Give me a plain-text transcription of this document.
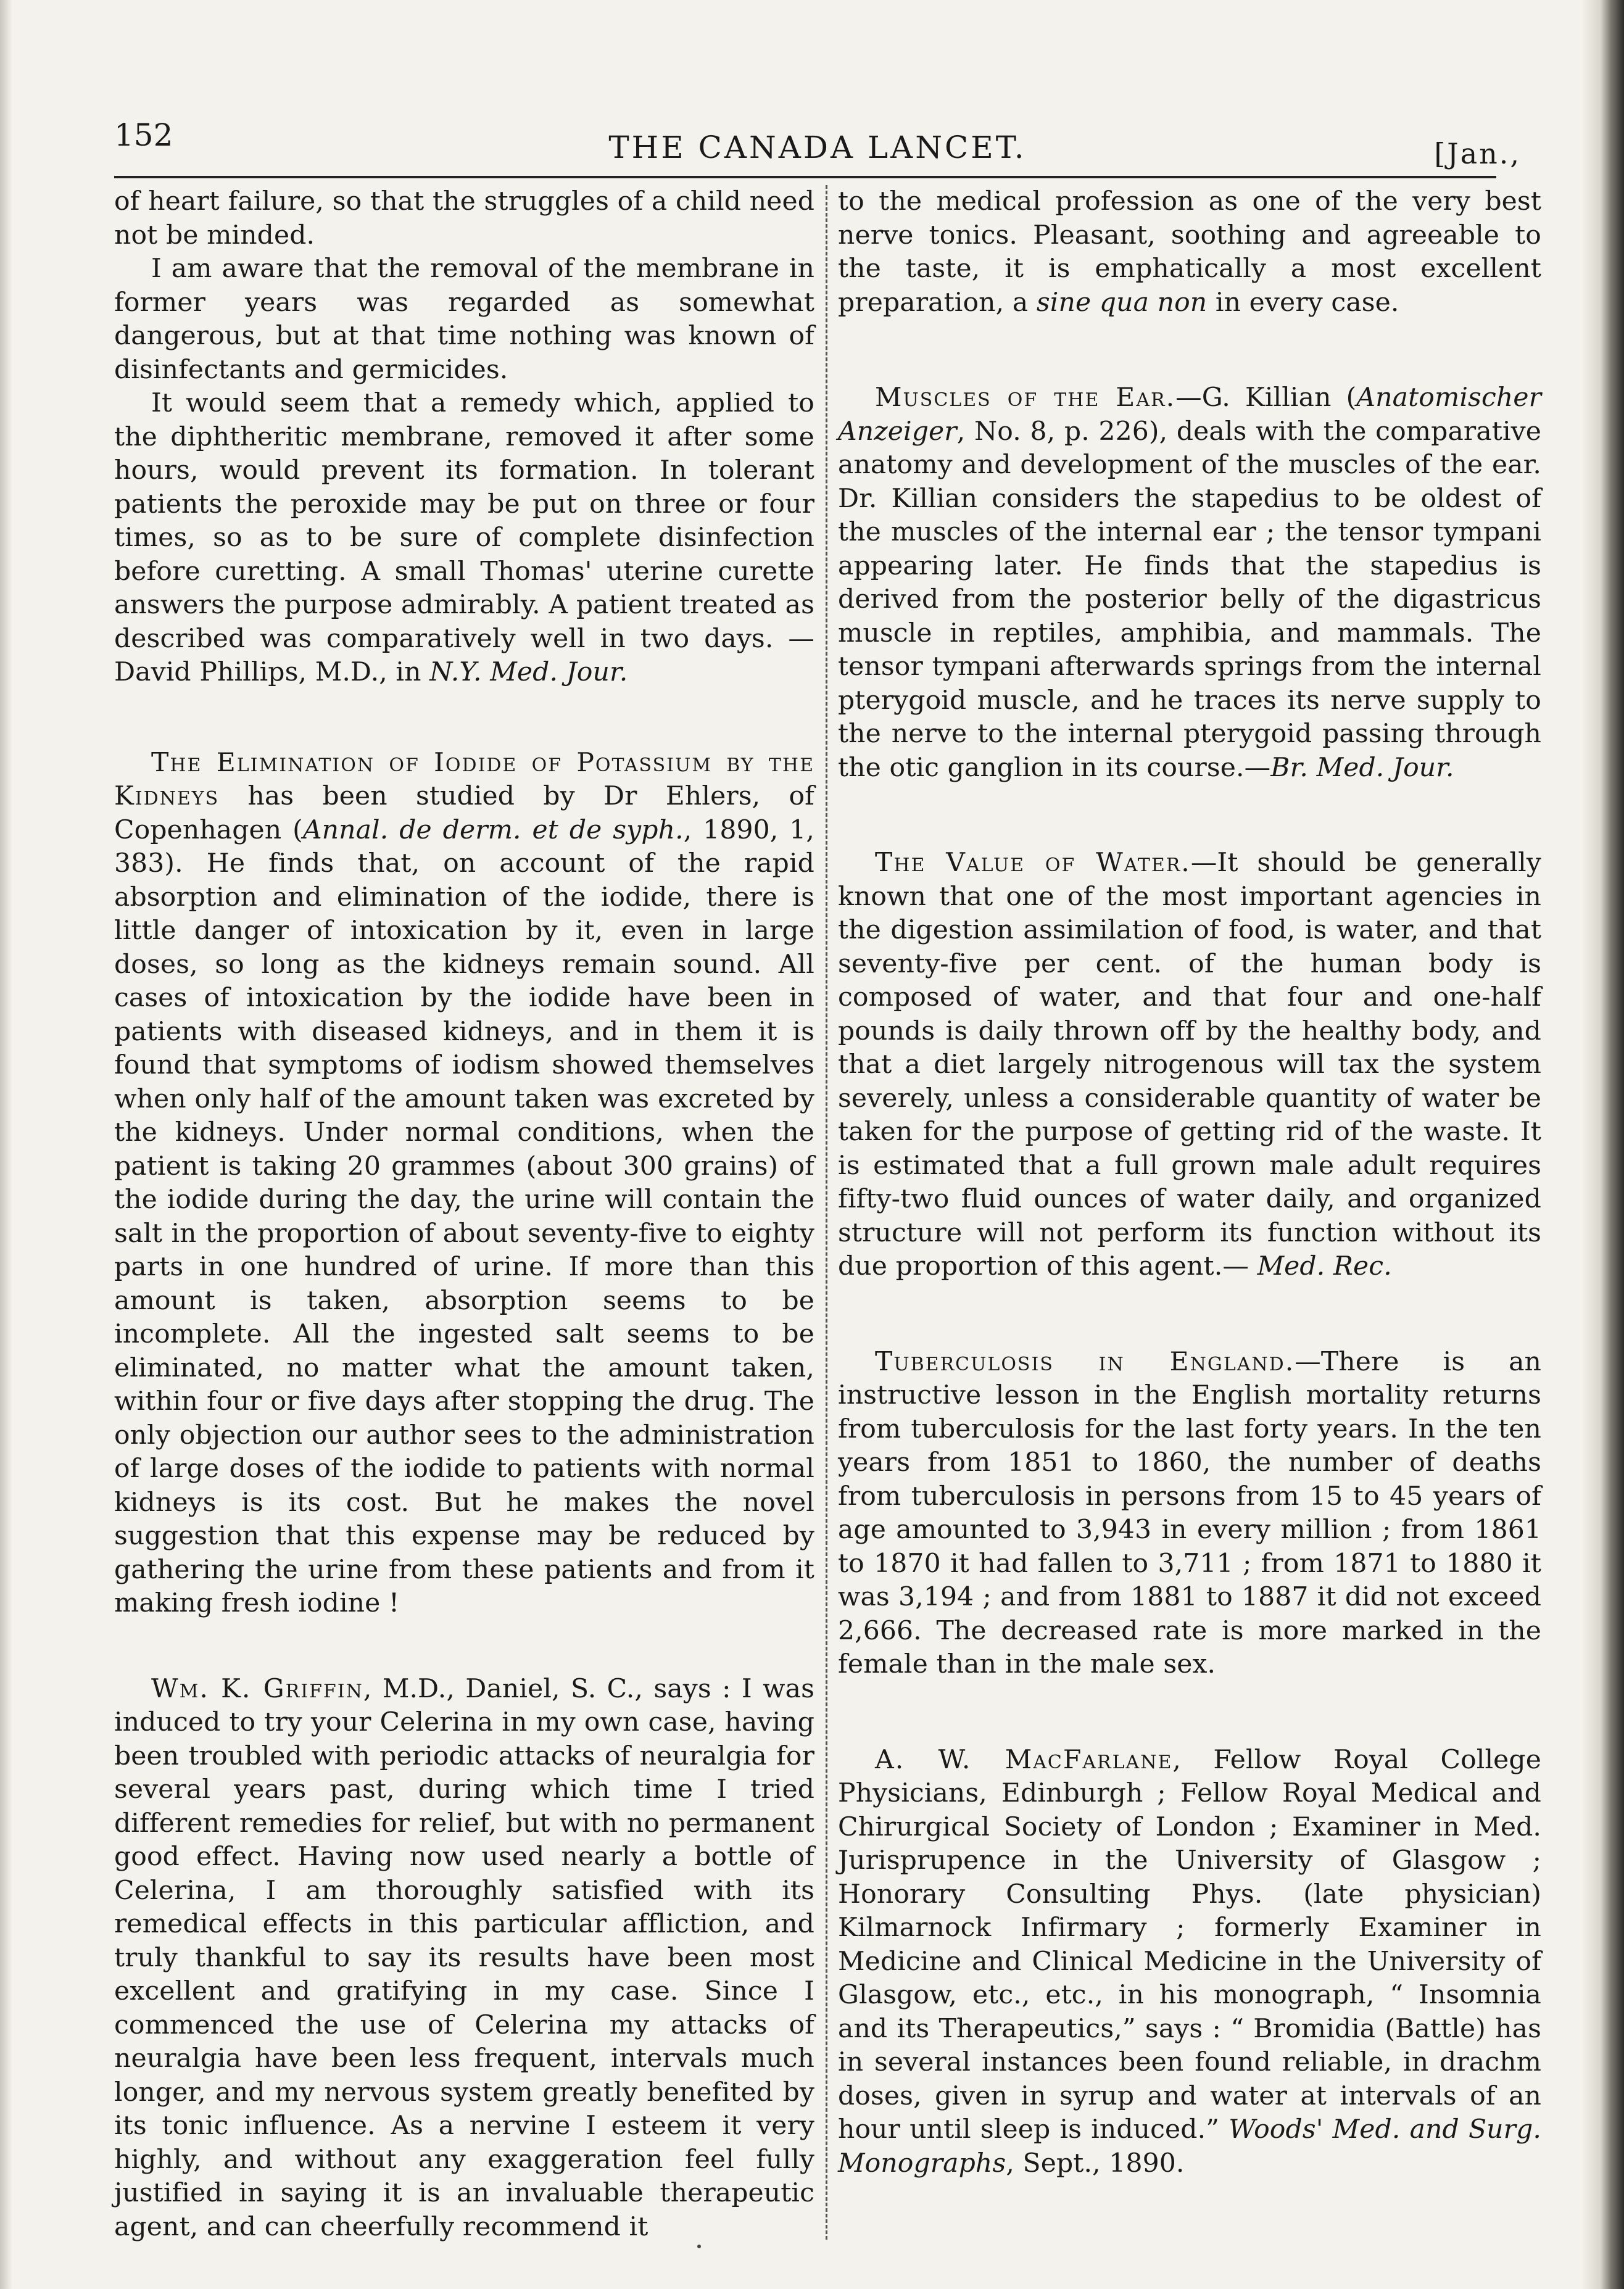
152	THE CANADA LANCET.	[Jan.,

of heart failure, so that the struggles of a child need not be minded.

I am aware that the removal of the membrane in former years was regarded as somewhat dangerous, but at that time nothing was known of disinfectants and germicides.

It would seem that a remedy which, applied to the diphtheritic membrane, removed it after some hours, would prevent its formation. In tolerant patients the peroxide may be put on three or four times, so as to be sure of complete disinfection before curetting. A small Thomas' uterine curette answers the purpose admirably. A patient treated as described was comparatively well in two days. —David Phillips, M.D., in N.Y. Med. Jour.

The Elimination of Iodide of Potassium by the Kidneys has been studied by Dr Ehlers, of Copenhagen (Annal. de derm. et de syph., 1890, 1, 383). He finds that, on account of the rapid absorption and elimination of the iodide, there is little danger of intoxication by it, even in large doses, so long as the kidneys remain sound. All cases of intoxication by the iodide have been in patients with diseased kidneys, and in them it is found that symptoms of iodism showed themselves when only half of the amount taken was excreted by the kidneys. Under normal conditions, when the patient is taking 20 grammes (about 300 grains) of the iodide during the day, the urine will contain the salt in the proportion of about seventy-five to eighty parts in one hundred of urine. If more than this amount is taken, absorption seems to be incomplete. All the ingested salt seems to be eliminated, no matter what the amount taken, within four or five days after stopping the drug. The only objection our author sees to the administration of large doses of the iodide to patients with normal kidneys is its cost. But he makes the novel suggestion that this expense may be reduced by gathering the urine from these patients and from it making fresh iodine !

Wm. K. Griffin, M.D., Daniel, S. C., says : I was induced to try your Celerina in my own case, having been troubled with periodic attacks of neuralgia for several years past, during which time I tried different remedies for relief, but with no permanent good effect. Having now used nearly a bottle of Celerina, I am thoroughly satisfied with its remedical effects in this particular affliction, and truly thankful to say its results have been most excellent and gratifying in my case. Since I commenced the use of Celerina my attacks of neuralgia have been less frequent, intervals much longer, and my nervous system greatly benefited by its tonic influence. As a nervine I esteem it very highly, and without any exaggeration feel fully justified in saying it is an invaluable therapeutic agent, and can cheerfully recommend it

to the medical profession as one of the very best nerve tonics. Pleasant, soothing and agreeable to the taste, it is emphatically a most excellent preparation, a sine qua non in every case.

Muscles of the Ear.—G. Killian (Anatomischer Anzeiger, No. 8, p. 226), deals with the comparative anatomy and development of the muscles of the ear. Dr. Killian considers the stapedius to be oldest of the muscles of the internal ear ; the tensor tympani appearing later. He finds that the stapedius is derived from the posterior belly of the digastricus muscle in reptiles, amphibia, and mammals. The tensor tympani afterwards springs from the internal pterygoid muscle, and he traces its nerve supply to the nerve to the internal pterygoid passing through the otic ganglion in its course.—Br. Med. Jour.

The Value of Water.—It should be generally known that one of the most important agencies in the digestion assimilation of food, is water, and that seventy-five per cent. of the human body is composed of water, and that four and one-half pounds is daily thrown off by the healthy body, and that a diet largely nitrogenous will tax the system severely, unless a considerable quantity of water be taken for the purpose of getting rid of the waste. It is estimated that a full grown male adult requires fifty-two fluid ounces of water daily, and organized structure will not perform its function without its due proportion of this agent.— Med. Rec.

Tuberculosis in England.—There is an instructive lesson in the English mortality returns from tuberculosis for the last forty years. In the ten years from 1851 to 1860, the number of deaths from tuberculosis in persons from 15 to 45 years of age amounted to 3,943 in every million ; from 1861 to 1870 it had fallen to 3,711 ; from 1871 to 1880 it was 3,194 ; and from 1881 to 1887 it did not exceed 2,666. The decreased rate is more marked in the female than in the male sex.

A. W. MacFarlane, Fellow Royal College Physicians, Edinburgh ; Fellow Royal Medical and Chirurgical Society of London ; Examiner in Med. Jurisprupence in the University of Glasgow ; Honorary Consulting Phys. (late physician) Kilmarnock Infirmary ; formerly Examiner in Medicine and Clinical Medicine in the University of Glasgow, etc., etc., in his monograph, “ Insomnia and its Therapeutics,” says : “ Bromidia (Battle) has in several instances been found reliable, in drachm doses, given in syrup and water at intervals of an hour until sleep is induced.” Woods' Med. and Surg. Monographs, Sept., 1890.
